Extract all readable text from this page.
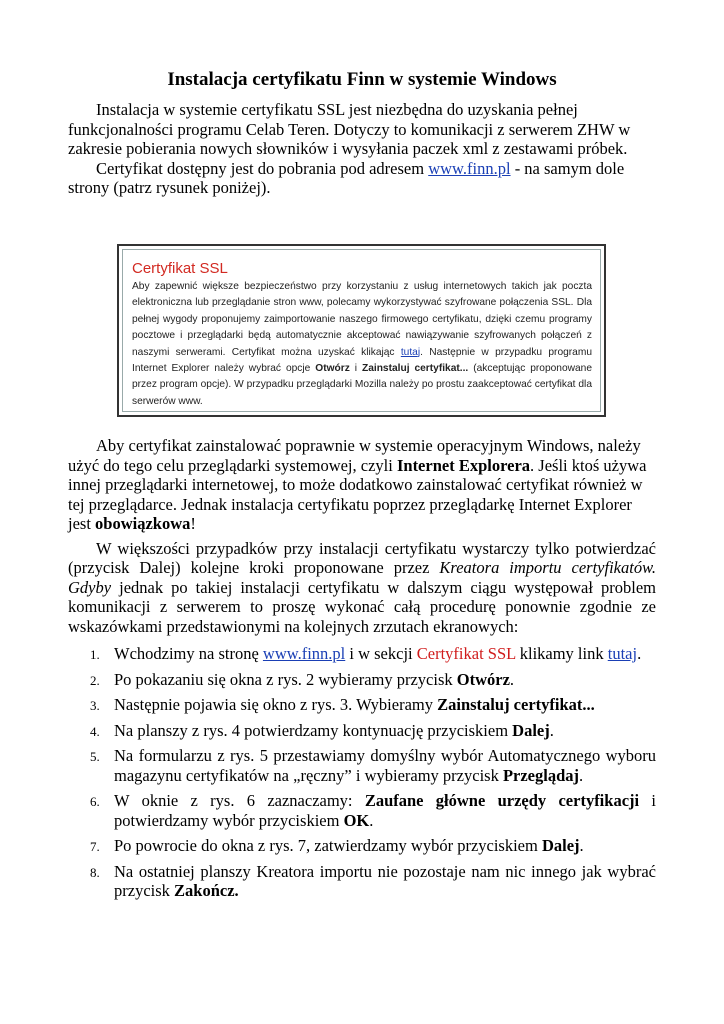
Instalacja certyfikatu Finn w systemie Windows

Instalacja w systemie certyfikatu SSL jest niezbędna do uzyskania pełnej funkcjonalności programu Celab Teren. Dotyczy to komunikacji z serwerem ZHW w zakresie pobierania nowych słowników i wysyłania paczek xml z zestawami próbek.

Certyfikat dostępny jest do pobrania pod adresem www.finn.pl - na samym dole strony (patrz rysunek poniżej).

Certyfikat SSL

Aby zapewnić większe bezpieczeństwo przy korzystaniu z usług internetowych takich jak poczta elektroniczna lub przeglądanie stron www, polecamy wykorzystywać szyfrowane połączenia SSL. Dla pełnej wygody proponujemy zaimportowanie naszego firmowego certyfikatu, dzięki czemu programy pocztowe i przeglądarki będą automatycznie akceptować nawiązywanie szyfrowanych połączeń z naszymi serwerami. Certyfikat można uzyskać klikając tutaj. Następnie w przypadku programu Internet Explorer należy wybrać opcje Otwórz i Zainstaluj certyfikat... (akceptując proponowane przez program opcje). W przypadku przeglądarki Mozilla należy po prostu zaakceptować certyfikat dla serwerów www.

Aby certyfikat zainstalować poprawnie w systemie operacyjnym Windows, należy użyć do tego celu przeglądarki systemowej, czyli Internet Explorera. Jeśli ktoś używa innej przeglądarki internetowej, to może dodatkowo zainstalować certyfikat również w tej przeglądarce. Jednak instalacja certyfikatu poprzez przeglądarkę Internet Explorer jest obowiązkowa!

W większości przypadków przy instalacji certyfikatu wystarczy tylko potwierdzać (przycisk Dalej) kolejne kroki proponowane przez Kreatora importu certyfikatów. Gdyby jednak po takiej instalacji certyfikatu w dalszym ciągu występował problem komunikacji z serwerem to proszę wykonać całą procedurę ponownie zgodnie ze wskazówkami przedstawionymi na kolejnych zrzutach ekranowych:

1. Wchodzimy na stronę www.finn.pl i w sekcji Certyfikat SSL klikamy link tutaj.
2. Po pokazaniu się okna z rys. 2 wybieramy przycisk Otwórz.
3. Następnie pojawia się okno z rys. 3. Wybieramy Zainstaluj certyfikat...
4. Na planszy z rys. 4 potwierdzamy kontynuację przyciskiem Dalej.
5. Na formularzu z rys. 5 przestawiamy domyślny wybór Automatycznego wyboru magazynu certyfikatów na „ręczny” i wybieramy przycisk Przeglądaj.
6. W oknie z rys. 6 zaznaczamy: Zaufane główne urzędy certyfikacji i potwierdzamy wybór przyciskiem OK.
7. Po powrocie do okna z rys. 7, zatwierdzamy wybór przyciskiem Dalej.
8. Na ostatniej planszy Kreatora importu nie pozostaje nam nic innego jak wybrać przycisk Zakończ.
